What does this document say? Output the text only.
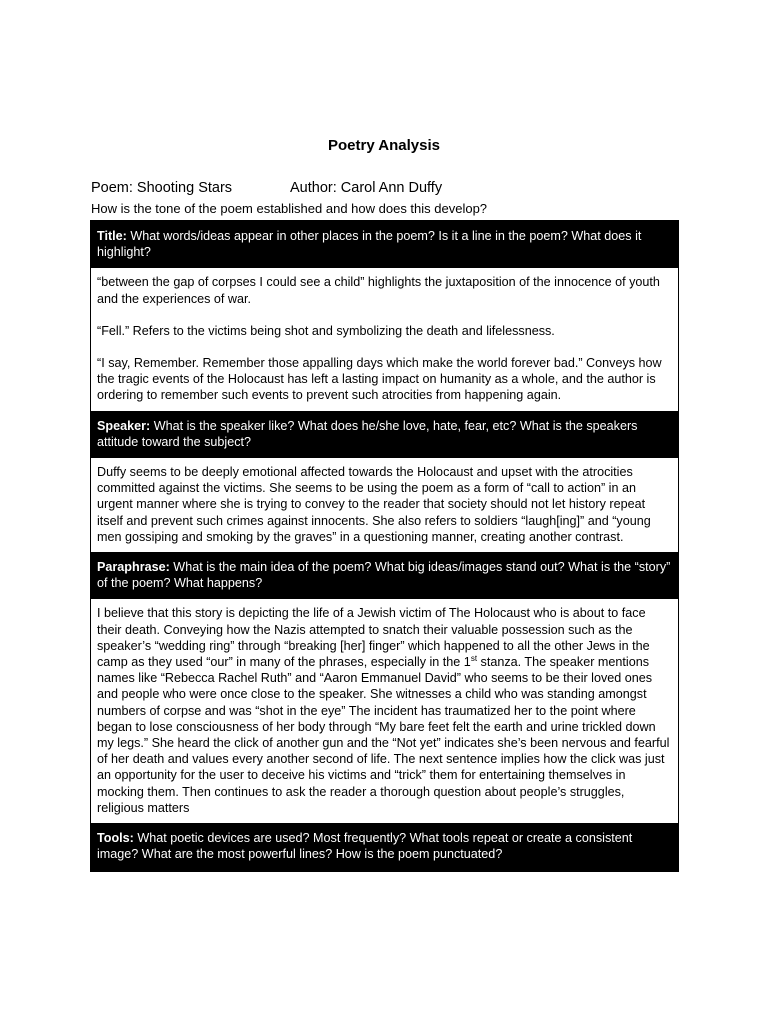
Poetry Analysis
Poem: Shooting Stars	Author: Carol Ann Duffy
How is the tone of the poem established and how does this develop?
Title: What words/ideas appear in other places in the poem? Is it a line in the poem? What does it highlight?

“between the gap of corpses I could see a child” highlights the juxtaposition of the innocence of youth and the experiences of war.

“Fell.” Refers to the victims being shot and symbolizing the death and lifelessness.

“I say, Remember. Remember those appalling days which make the world forever bad.” Conveys how the tragic events of the Holocaust has left a lasting impact on humanity as a whole, and the author is ordering to remember such events to prevent such atrocities from happening again.

Speaker: What is the speaker like? What does he/she love, hate, fear, etc? What is the speakers attitude toward the subject?

Duffy seems to be deeply emotional affected towards the Holocaust and upset with the atrocities committed against the victims. She seems to be using the poem as a form of “call to action” in an urgent manner where she is trying to convey to the reader that society should not let history repeat itself and prevent such crimes against innocents. She also refers to soldiers “laugh[ing]” and “young men gossiping and smoking by the graves” in a questioning manner, creating another contrast.

Paraphrase: What is the main idea of the poem? What big ideas/images stand out? What is the “story” of the poem? What happens?

I believe that this story is depicting the life of a Jewish victim of The Holocaust who is about to face their death. Conveying how the Nazis attempted to snatch their valuable possession such as the speaker’s “wedding ring” through “breaking [her] finger” which happened to all the other Jews in the camp as they used “our” in many of the phrases, especially in the 1st stanza. The speaker mentions names like “Rebecca Rachel Ruth” and “Aaron Emmanuel David” who seems to be their loved ones and people who were once close to the speaker. She witnesses a child who was standing amongst numbers of corpse and was “shot in the eye” The incident has traumatized her to the point where began to lose consciousness of her body through “My bare feet felt the earth and urine trickled down my legs.” She heard the click of another gun and the “Not yet” indicates she’s been nervous and fearful of her death and values every another second of life. The next sentence implies how the click was just an opportunity for the user to deceive his victims and “trick” them for entertaining themselves in mocking them. Then continues to ask the reader a thorough question about people’s struggles, religious matters

Tools: What poetic devices are used? Most frequently? What tools repeat or create a consistent image? What are the most powerful lines? How is the poem punctuated?
